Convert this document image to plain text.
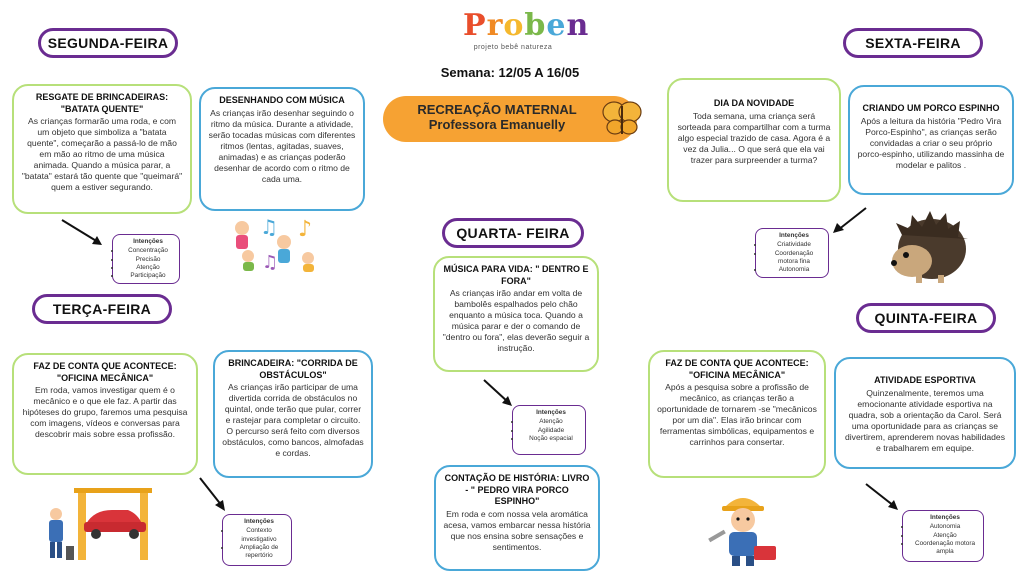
Proben
projeto bebê natureza
Semana: 12/05 A 16/05
RECREAÇÃO MATERNAL
Professora Emanuelly
SEGUNDA-FEIRA
TERÇA-FEIRA
QUARTA- FEIRA
QUINTA-FEIRA
SEXTA-FEIRA
RESGATE DE BRINCADEIRAS: "BATATA QUENTE"
As crianças formarão uma roda, e com um objeto que simboliza a "batata quente", começarão a passá-lo de mão em mão ao ritmo de uma música animada. Quando a música parar, a "batata" estará tão quente que "queimará" quem a estiver segurando.
DESENHANDO COM MÚSICA
As crianças irão desenhar seguindo o ritmo da música. Durante a atividade, serão tocadas músicas com diferentes ritmos (lentas, agitadas, suaves, animadas) e as crianças poderão desenhar de acordo com o ritmo de cada uma.
FAZ DE CONTA QUE ACONTECE: "OFICINA MECÂNICA"
Em roda, vamos investigar quem é o mecânico e o que ele faz. A partir das hipóteses do grupo, faremos uma pesquisa com imagens, vídeos e conversas para descobrir mais sobre essa profissão.
BRINCADEIRA: "CORRIDA DE OBSTÁCULOS"
As crianças irão participar de uma divertida corrida de obstáculos no quintal, onde terão que pular, correr e rastejar para completar o circuito. O percurso será feito com diversos obstáculos, como bancos, almofadas e cordas.
MÚSICA PARA VIDA: " DENTRO E FORA"
As crianças irão andar em volta de bambolês espalhados pelo chão enquanto a música toca. Quando a música parar e der o comando de "dentro ou fora", elas deverão seguir a instrução.
CONTAÇÃO DE HISTÓRIA: LIVRO - " PEDRO VIRA PORCO ESPINHO"
Em roda e com nossa vela aromática acesa, vamos embarcar nessa história que nos ensina sobre sensações e sentimentos.
FAZ DE CONTA QUE ACONTECE: "OFICINA MECÂNICA"
Após a pesquisa sobre a profissão de mecânico, as crianças terão a oportunidade de tornarem -se "mecânicos por um dia". Elas irão brincar com ferramentas simbólicas, equipamentos e carrinhos para consertar.
ATIVIDADE ESPORTIVA
Quinzenalmente, teremos uma emocionante atividade esportiva na quadra, sob a orientação da Carol. Será uma oportunidade para as crianças se divertirem, aprenderem novas habilidades e trabalharem em equipe.
DIA DA NOVIDADE
Toda semana, uma criança será sorteada para compartilhar com a turma algo especial trazido de casa. Agora é a vez da Julia... O que será que ela vai trazer para surpreender a turma?
CRIANDO UM PORCO ESPINHO
Após a leitura da história "Pedro Vira Porco-Espinho", as crianças serão convidadas a criar o seu próprio porco-espinho, utilizando massinha de modelar e palitos .
Intenções
• Concentração
• Precisão
• Atenção
• Participação
Intenções
• Contexto investigativo
• Ampliação de repertório
Intenções
• Atenção
• Agilidade
• Noção espacial
Intenções
• Autonomia
• Atenção
• Coordenação motora ampla
Intenções
• Criatividade
• Coordenação motora fina
• Autonomia
♫ ♪
♫
